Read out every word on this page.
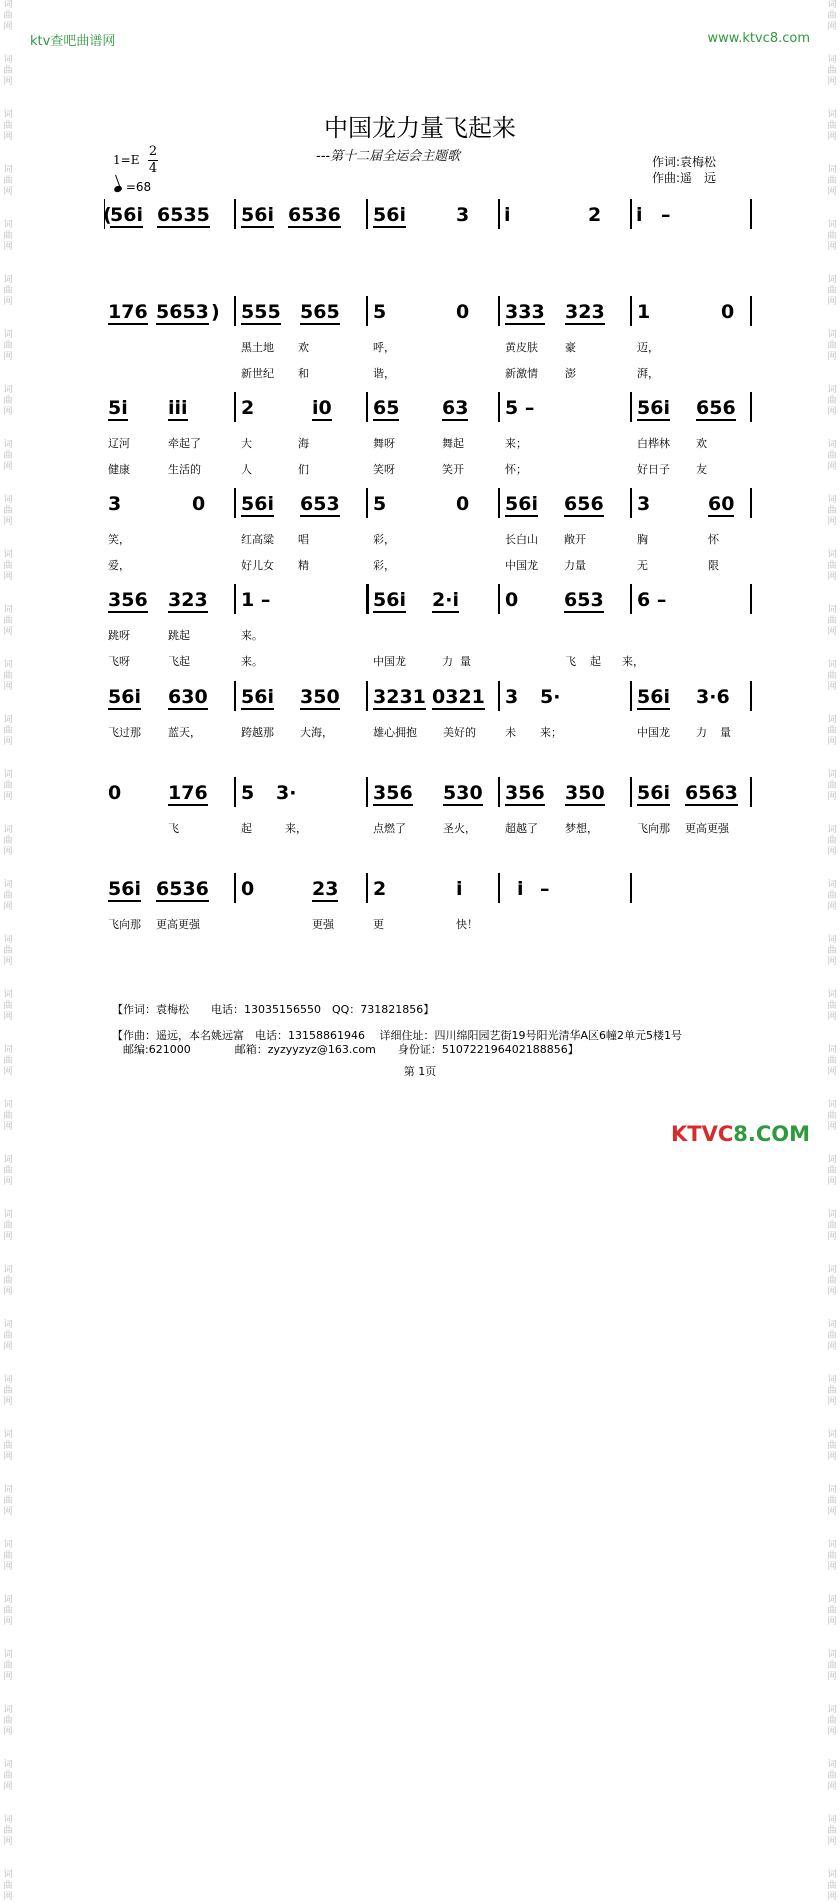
词
曲
网
词
曲
网
词
曲
网
词
曲
网
词
曲
网
词
曲
网
词
曲
网
词
曲
网
词
曲
网
词
曲
网
词
曲
网
词
曲
网
词
曲
网
词
曲
网
词
曲
网
词
曲
网
词
曲
网
词
曲
网
词
曲
网
词
曲
网
词
曲
网
词
曲
网
词
曲
网
词
曲
网
词
曲
网
词
曲
网
词
曲
网
词
曲
网
词
曲
网
词
曲
网
词
曲
网
词
曲
网
词
曲
网
词
曲
网
词
曲
网
词
曲
网
词
曲
网
词
曲
网
词
曲
网
词
曲
网
词
曲
网
词
曲
网
词
曲
网
词
曲
网
词
曲
网
词
曲
网
词
曲
网
词
曲
网
词
曲
网
词
曲
网
词
曲
网
词
曲
网
词
曲
网
词
曲
网
词
曲
网
词
曲
网
词
曲
网
词
曲
网
词
曲
网
词
曲
网
词
曲
网
词
曲
网
词
曲
网
词
曲
网
词
曲
网
词
曲
网
词
曲
网
词
曲
网
词
曲
网
词
曲
网
ktv查吧曲谱网	www.ktvc8.com
中国龙力量飞起来
---第十二届全运会主题歌	作词:袁梅松
作曲:遥　远
1=E
2
4
=68
(
56i 6535 56i 6536 56i	3 i	2 i –
176 5653 ) 555 565 5	0 333 323 1	0
黑土地 欢	呼，	黄皮肤 豪	迈，
新世纪 和	谐，	新激情 澎	湃，
5i iii	2	i0 65 63 5 –	56i 656
辽河	牵起了	大	海	舞呀	舞起	来；	白桦林 欢
健康	生活的	人	们	笑呀	笑开	怀；	好日子 友
3	0 56i 653 5	0 56i 656 3	60
笑，	红高粱 唱	彩，	长白山 敞开	胸	怀
爱，	好儿女 精	彩，	中国龙 力量	无	限
356 323 1 –	56i 2·i 0 653 6 –
跳呀	跳起	来。
飞呀	飞起	来。	中国龙	力 量	飞 起 来，
56i 630 56i 350 3231 0321 3 5·	56i 3·6
飞过那 蓝天，	跨越那 大海，	雄心拥抱 美好的	未 来；	中国龙 力 量
0 176 5 3·	356 530 356 350 56i 6563
飞	起	来，	点燃了	圣火，	超越了 梦想，	飞向那 更高更强
56i 6536 0	23 2	i	i –
飞向那 更高更强	更强	更	快！
【作词：袁梅松　　电话：13035156550　QQ：731821856】
【作曲：遥远，本名姚远富　电话：13158861946　 详细住址：四川绵阳园艺街19号阳光清华A区6幢2单元5楼1号
　邮编:621000　　　　邮箱：zyzyyzyz@163.com　　身份证：510722196402188856】
第 1页
KTVC8.COM
